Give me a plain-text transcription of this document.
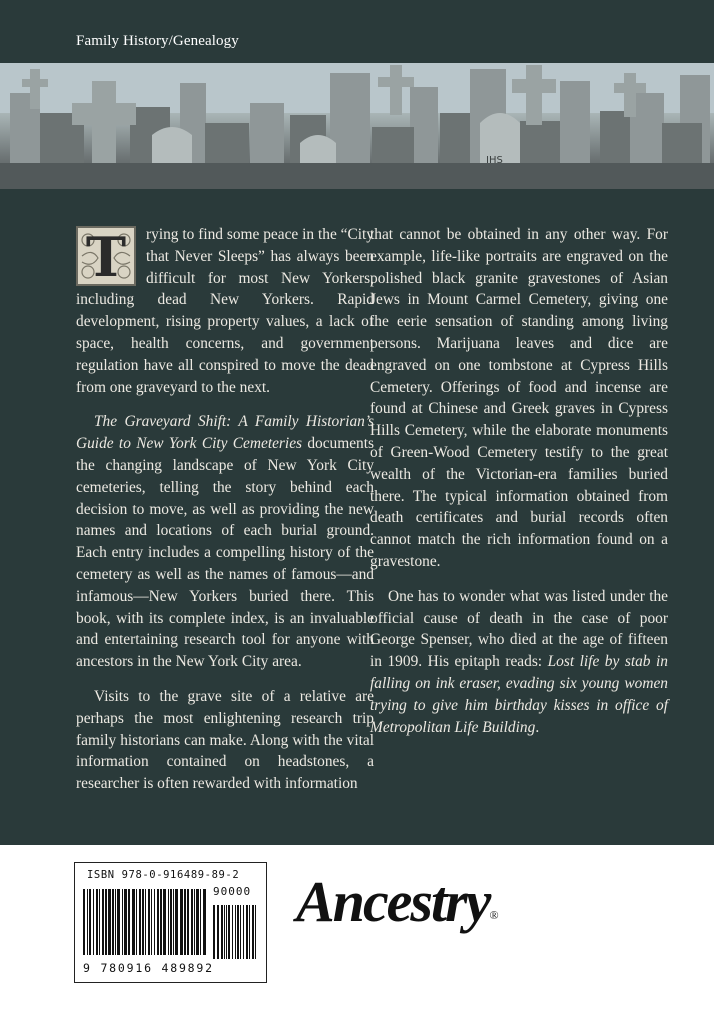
Family History/Genealogy
IHS

T	rying to find some peace in the “City that Never Sleeps” has always been difficult for most New Yorkers, including dead New Yorkers. Rapid development, rising property values, a lack of space, health concerns, and government regulation have all conspired to move the dead from one graveyard to the next.

The Graveyard Shift: A Family Historian’s Guide to New York City Cemeteries documents the changing landscape of New York City cemeteries, telling the story behind each decision to move, as well as providing the new names and locations of each burial ground. Each entry includes a compelling history of the cemetery as well as the names of famous—and infamous—New Yorkers buried there. This book, with its complete index, is an invaluable and entertaining research tool for anyone with ancestors in the New York City area.

Visits to the grave site of a relative are perhaps the most enlightening research trip family historians can make. Along with the vital information contained on headstones, a researcher is often rewarded with information

that cannot be obtained in any other way. For example, life-like portraits are engraved on the polished black granite gravestones of Asian Jews in Mount Carmel Cemetery, giving one the eerie sensation of standing among living persons. Marijuana leaves and dice are engraved on one tombstone at Cypress Hills Cemetery. Offerings of food and incense are found at Chinese and Greek graves in Cypress Hills Cemetery, while the elaborate monuments of Green-Wood Cemetery testify to the great wealth of the Victorian-era families buried there. The typical information obtained from death certificates and burial records often cannot match the rich information found on a gravestone.

One has to wonder what was listed under the official cause of death in the case of poor George Spenser, who died at the age of fifteen in 1909. His epitaph reads: Lost life by stab in falling on ink eraser, evading six young women trying to give him birthday kisses in office of Metropolitan Life Building.

ISBN 978-0-916489-89-2
90000
9 780916 489892
Ancestry®
